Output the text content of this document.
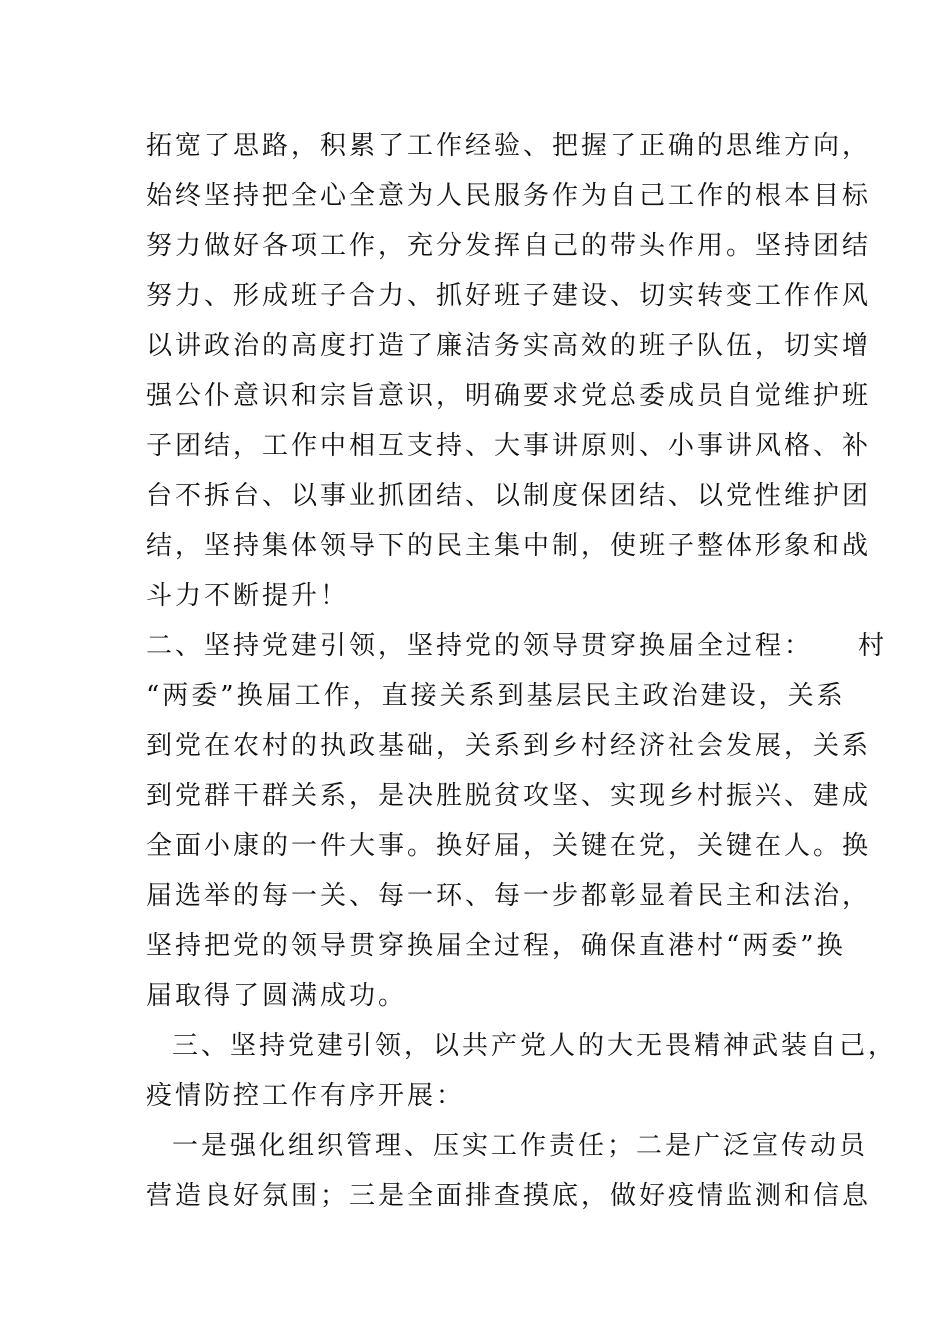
拓宽了思路，积累了工作经验、把握了正确的思维方向，
始终坚持把全心全意为人民服务作为自己工作的根本目标
努力做好各项工作，充分发挥自己的带头作用。坚持团结
努力、形成班子合力、抓好班子建设、切实转变工作作风
以讲政治的高度打造了廉洁务实高效的班子队伍，切实增
强公仆意识和宗旨意识，明确要求党总委成员自觉维护班
子团结，工作中相互支持、大事讲原则、小事讲风格、补
台不拆台、以事业抓团结、以制度保团结、以党性维护团
结，坚持集体领导下的民主集中制，使班子整体形象和战
斗力不断提升！
二、坚持党建引领，坚持党的领导贯穿换届全过程：    村
“两委”换届工作，直接关系到基层民主政治建设，关系
到党在农村的执政基础，关系到乡村经济社会发展，关系
到党群干群关系，是决胜脱贫攻坚、实现乡村振兴、建成
全面小康的一件大事。换好届，关键在党，关键在人。换
届选举的每一关、每一环、每一步都彰显着民主和法治，
坚持把党的领导贯穿换届全过程，确保直港村“两委”换
届取得了圆满成功。
三、坚持党建引领，以共产党人的大无畏精神武装自己，
疫情防控工作有序开展：
一是强化组织管理、压实工作责任；二是广泛宣传动员
营造良好氛围；三是全面排查摸底，做好疫情监测和信息
